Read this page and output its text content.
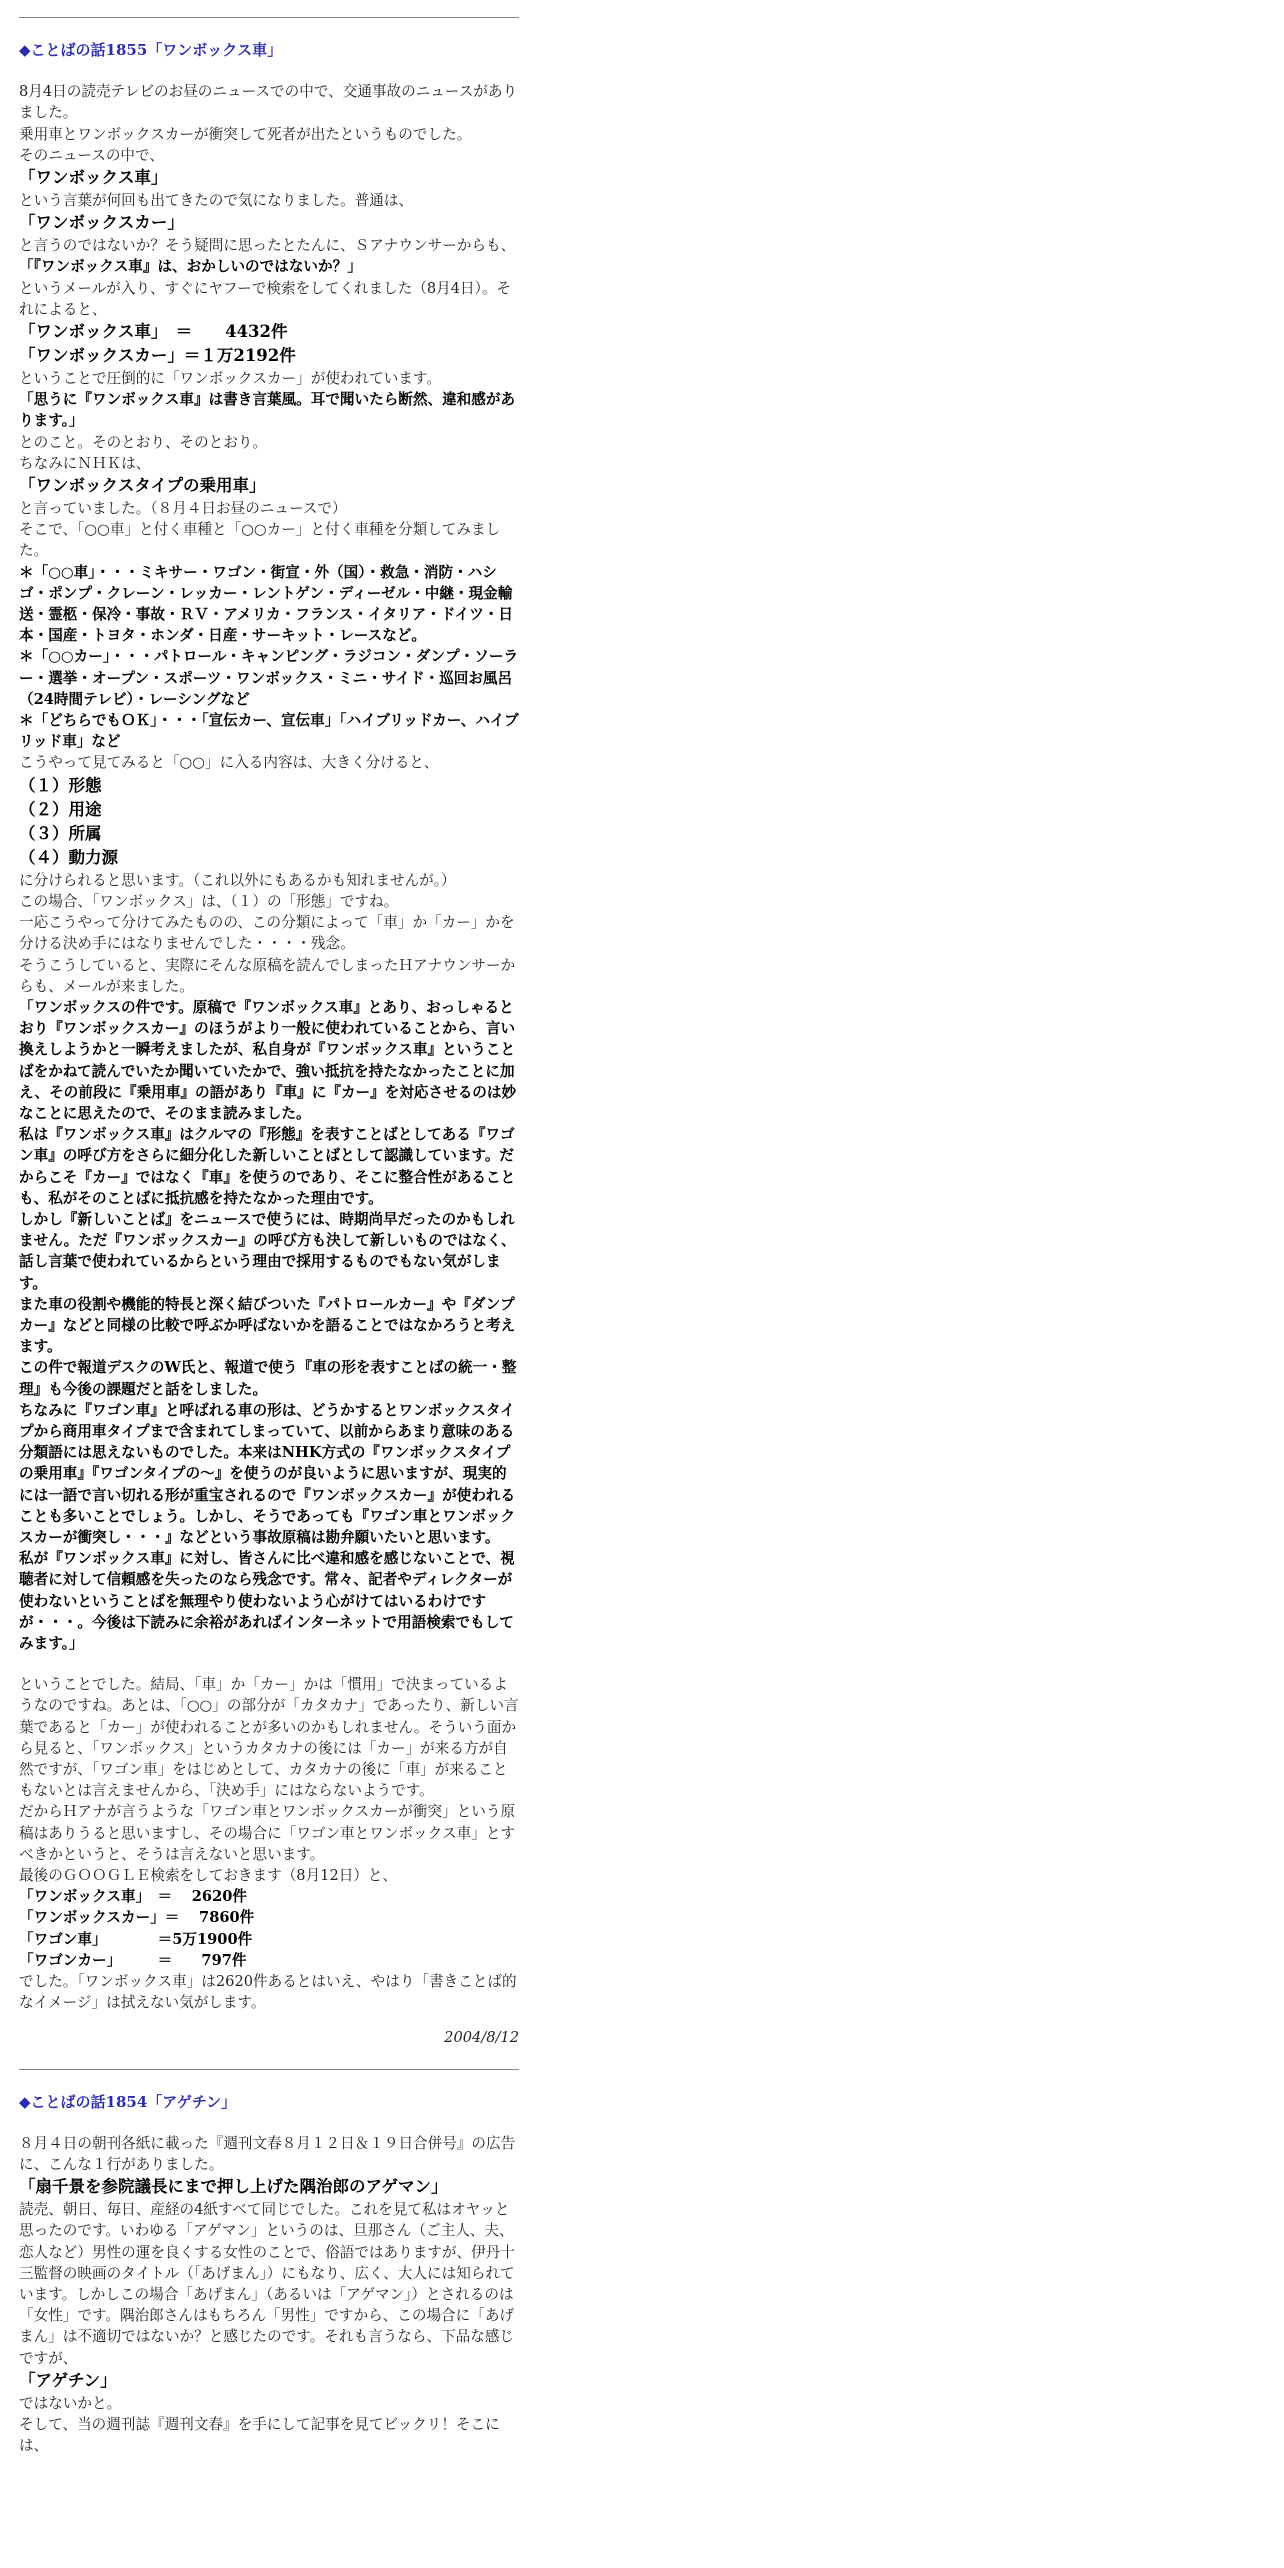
◆ことばの話1855「ワンボックス車」

8月4日の読売テレビのお昼のニュースでの中で、交通事故のニュースがありました。
乗用車とワンボックスカーが衝突して死者が出たというものでした。
そのニュースの中で、

「ワンボックス車」

という言葉が何回も出てきたので気になりました。普通は、

「ワンボックスカー」

と言うのではないか？そう疑問に思ったとたんに、Ｓアナウンサーからも、

「『ワンボックス車』は、おかしいのではないか？」

というメールが入り、すぐにヤフーで検索をしてくれました（8月4日）。それによると、

「ワンボックス車」　＝　　4432件

「ワンボックスカー」＝１万2192件

ということで圧倒的に「ワンボックスカー」が使われています。

「思うに『ワンボックス車』は書き言葉風。耳で聞いたら断然、違和感があります。」

とのこと。そのとおり、そのとおり。
ちなみにＮＨＫは、

「ワンボックスタイプの乗用車」

と言っていました。（８月４日お昼のニュースで）
そこで、「○○車」と付く車種と「○○カー」と付く車種を分類してみました。

＊「○○車」・・・ミキサー・ワゴン・街宣・外（国）・救急・消防・ハシゴ・ポンプ・クレーン・レッカー・レントゲン・ディーゼル・中継・現金輸送・霊柩・保冷・事故・ＲＶ・アメリカ・フランス・イタリア・ドイツ・日本・国産・トヨタ・ホンダ・日産・サーキット・レースなど。
＊「○○カー」・・・パトロール・キャンピング・ラジコン・ダンプ・ソーラー・選挙・オープン・スポーツ・ワンボックス・ミニ・サイド・巡回お風呂（24時間テレビ）・レーシングなど
＊「どちらでもＯＫ」・・・「宣伝カー、宣伝車」「ハイブリッドカー、ハイブリッド車」など

こうやって見てみると「○○」に入る内容は、大きく分けると、

（１）形態
（２）用途
（３）所属
（４）動力源

に分けられると思います。（これ以外にもあるかも知れませんが。）
この場合、「ワンボックス」は、（１）の「形態」ですね。
一応こうやって分けてみたものの、この分類によって「車」か「カー」かを分ける決め手にはなりませんでした・・・・残念。
そうこうしていると、実際にそんな原稿を読んでしまったＨアナウンサーからも、メールが来ました。

「ワンボックスの件です。原稿で『ワンボックス車』とあり、おっしゃるとおり『ワンボックスカー』のほうがより一般に使われていることから、言い換えしようかと一瞬考えましたが、私自身が『ワンボックス車』ということばをかねて読んでいたか聞いていたかで、強い抵抗を持たなかったことに加え、その前段に『乗用車』の語があり『車』に『カー』を対応させるのは妙なことに思えたので、そのまま読みました。
私は『ワンボックス車』はクルマの『形態』を表すことばとしてある『ワゴン車』の呼び方をさらに細分化した新しいことばとして認識しています。だからこそ『カー』ではなく『車』を使うのであり、そこに整合性があることも、私がそのことばに抵抗感を持たなかった理由です。
しかし『新しいことば』をニュースで使うには、時期尚早だったのかもしれません。ただ『ワンボックスカー』の呼び方も決して新しいものではなく、話し言葉で使われているからという理由で採用するものでもない気がします。
また車の役割や機能的特長と深く結びついた『パトロールカー』や『ダンプカー』などと同様の比較で呼ぶか呼ばないかを語ることではなかろうと考えます。
この件で報道デスクのW氏と、報道で使う『車の形を表すことばの統一・整理』も今後の課題だと話をしました。
ちなみに『ワゴン車』と呼ばれる車の形は、どうかするとワンボックスタイプから商用車タイプまで含まれてしまっていて、以前からあまり意味のある分類語には思えないものでした。本来はNHK方式の『ワンボックスタイプの乗用車』『ワゴンタイプの～』を使うのが良いように思いますが、現実的には一語で言い切れる形が重宝されるので『ワンボックスカー』が使われることも多いことでしょう。しかし、そうであっても『ワゴン車とワンボックスカーが衝突し・・・』などという事故原稿は勘弁願いたいと思います。
私が『ワンボックス車』に対し、皆さんに比べ違和感を感じないことで、視聴者に対して信頼感を失ったのなら残念です。常々、記者やディレクターが使わないということばを無理やり使わないよう心がけてはいるわけですが・・・。今後は下読みに余裕があればインターネットで用語検索でもしてみます。」

ということでした。結局、「車」か「カー」かは「慣用」で決まっているようなのですね。あとは、「○○」の部分が「カタカナ」であったり、新しい言葉であると「カー」が使われることが多いのかもしれません。そういう面から見ると、「ワンボックス」というカタカナの後には「カー」が来る方が自然ですが、「ワゴン車」をはじめとして、カタカナの後に「車」が来ることもないとは言えませんから、「決め手」にはならないようです。
だからＨアナが言うような「ワゴン車とワンボックスカーが衝突」という原稿はありうると思いますし、その場合に「ワゴン車とワンボックス車」とすべきかというと、そうは言えないと思います。
最後のＧＯＯＧＬＥ検索をしておきます（8月12日）と、

「ワンボックス車」　＝　 2620件
「ワンボックスカー」＝　 7860件
「ワゴン車」　　　　＝5万1900件
「ワゴンカー」　　　＝　　797件

でした。「ワンボックス車」は2620件あるとはいえ、やはり「書きことば的なイメージ」は拭えない気がします。

2004/8/12

◆ことばの話1854「アゲチン」

８月４日の朝刊各紙に載った『週刊文春８月１２日＆１９日合併号』の広告に、こんな１行がありました。

「扇千景を参院議長にまで押し上げた隅治郎のアゲマン」

読売、朝日、毎日、産経の4紙すべて同じでした。これを見て私はオヤッと思ったのです。いわゆる「アゲマン」というのは、旦那さん（ご主人、夫、恋人など）男性の運を良くする女性のことで、俗語ではありますが、伊丹十三監督の映画のタイトル（「あげまん」）にもなり、広く、大人には知られています。しかしこの場合「あげまん」（あるいは「アゲマン」）とされるのは「女性」です。隅治郎さんはもちろん「男性」ですから、この場合に「あげまん」は不適切ではないか？と感じたのです。それも言うなら、下品な感じですが、

「アゲチン」

ではないかと。
そして、当の週刊誌『週刊文春』を手にして記事を見てビックリ！そこには、
